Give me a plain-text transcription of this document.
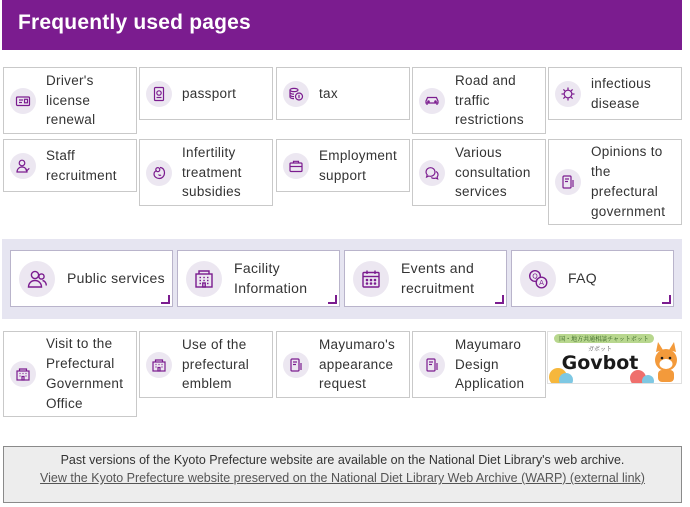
Frequently used pages
Driver's license renewal
passport	tax
Road and traffic restrictions
infectious disease
Staff recruitment
Infertility treatment subsidies
Employment support
Various consultation services
Opinions to the prefectural government
Public services
Facility Information
Events and recruitment
Q
A FAQ
Visit to the Prefectural Government Office
Use of the prefectural emblem
Mayumaro's appearance request
Mayumaro Design Application
国・地方共通相談チャットボット
ガボット
Govbot
Past versions of the Kyoto Prefecture website are available on the National Diet Library's web archive.
View the Kyoto Prefecture website preserved on the National Diet Library Web Archive (WARP) (external link)
